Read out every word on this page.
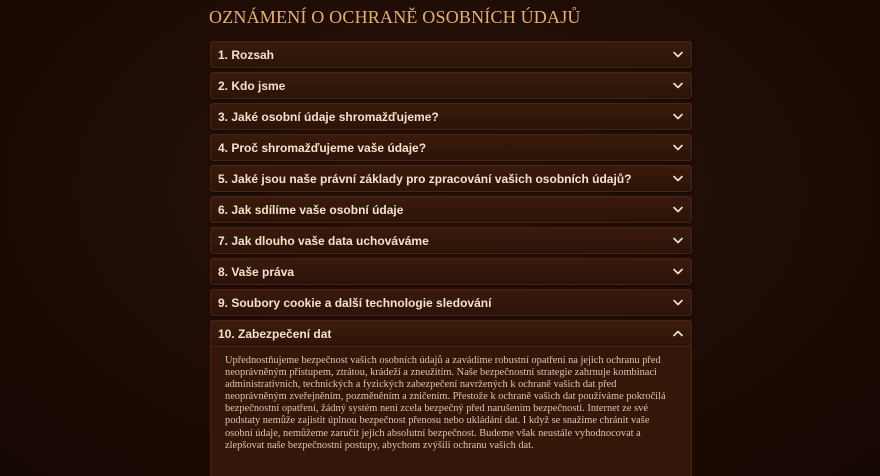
OZNÁMENÍ O OCHRANĚ OSOBNÍCH ÚDAJŮ
1. Rozsah
2. Kdo jsme
3. Jaké osobní údaje shromažďujeme?
4. Proč shromažďujeme vaše údaje?
5. Jaké jsou naše právní základy pro zpracování vašich osobních údajů?
6. Jak sdílíme vaše osobní údaje
7. Jak dlouho vaše data uchováváme
8. Vaše práva
9. Soubory cookie a další technologie sledování
10. Zabezpečení dat

Upřednostňujeme bezpečnost vašich osobních údajů a zavádíme robustní opatření na jejich ochranu před neoprávněným přístupem, ztrátou, krádeží a zneužitím. Naše bezpečnostní strategie zahrnuje kombinaci administrativních, technických a fyzických zabezpečení navržených k ochraně vašich dat před neoprávněným zveřejněním, pozměněním a zničením. Přestože k ochraně vašich dat používáme pokročilá bezpečnostní opatření, žádný systém není zcela bezpečný před narušením bezpečnosti. Internet ze své podstaty nemůže zajistit úplnou bezpečnost přenosu nebo ukládání dat. I když se snažíme chránit vaše osobní údaje, nemůžeme zaručit jejich absolutní bezpečnost. Budeme však neustále vyhodnocovat a zlepšovat naše bezpečnostní postupy, abychom zvýšili ochranu vašich dat.
